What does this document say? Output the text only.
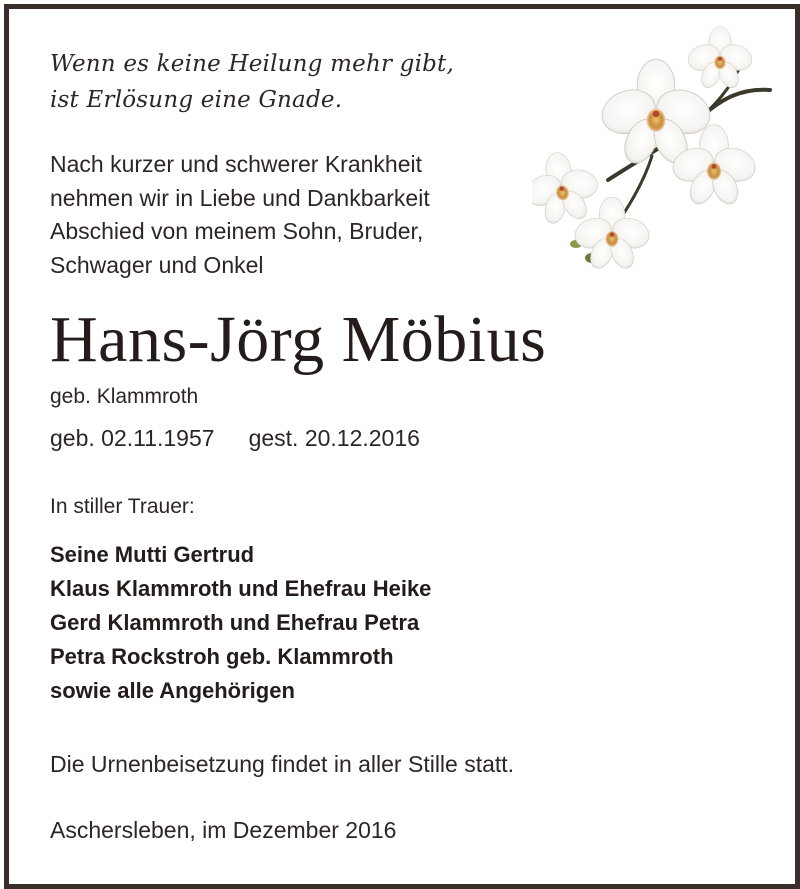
Wenn es keine Heilung mehr gibt,
ist Erlösung eine Gnade.
Nach kurzer und schwerer Krankheit
nehmen wir in Liebe und Dankbarkeit
Abschied von meinem Sohn, Bruder,
Schwager und Onkel
Hans-Jörg Möbius
geb. Klammroth
geb. 02.11.1957 gest. 20.12.2016
In stiller Trauer:
Seine Mutti Gertrud
Klaus Klammroth und Ehefrau Heike
Gerd Klammroth und Ehefrau Petra
Petra Rockstroh geb. Klammroth
sowie alle Angehörigen
Die Urnenbeisetzung findet in aller Stille statt.
Aschersleben, im Dezember 2016
